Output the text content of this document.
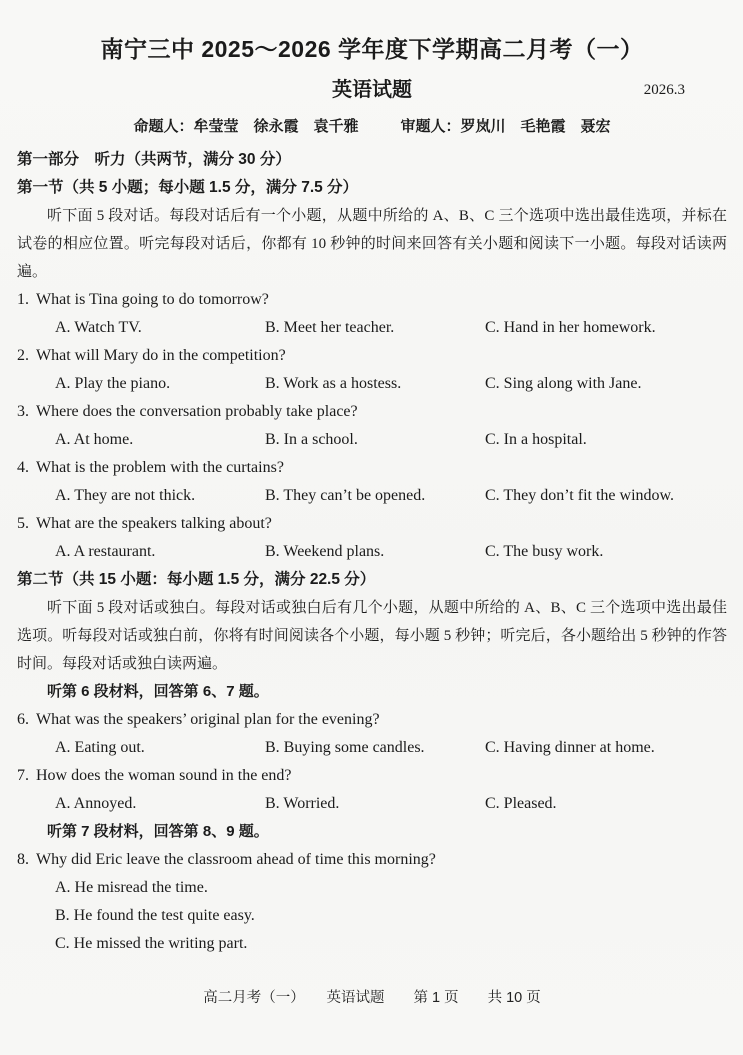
南宁三中 2025～2026 学年度下学期高二月考（一）
英语试题	2026.3
命题人：牟莹莹　徐永霞　袁千雅	审题人：罗岚川　毛艳霞　聂宏
第一部分　听力（共两节，满分 30 分）
第一节（共 5 小题；每小题 1.5 分，满分 7.5 分）

听下面 5 段对话。每段对话后有一个小题，从题中所给的 A、B、C 三个选项中选出最佳选项，并标在试卷的相应位置。听完每段对话后，你都有 10 秒钟的时间来回答有关小题和阅读下一小题。每段对话读两遍。

1. What is Tina going to do tomorrow?
A. Watch TV.	B. Meet her teacher.	C. Hand in her homework.
2. What will Mary do in the competition?
A. Play the piano.	B. Work as a hostess.	C. Sing along with Jane.
3. Where does the conversation probably take place?
A. At home.	B. In a school.	C. In a hospital.
4. What is the problem with the curtains?
A. They are not thick.	B. They can’t be opened.	C. They don’t fit the window.
5. What are the speakers talking about?
A. A restaurant.	B. Weekend plans.	C. The busy work.
第二节（共 15 小题：每小题 1.5 分，满分 22.5 分）

听下面 5 段对话或独白。每段对话或独白后有几个小题，从题中所给的 A、B、C 三个选项中选出最佳选项。听每段对话或独白前，你将有时间阅读各个小题，每小题 5 秒钟；听完后，各小题给出 5 秒钟的作答时间。每段对话或独白读两遍。

听第 6 段材料，回答第 6、7 题。
6. What was the speakers’ original plan for the evening?
A. Eating out.	B. Buying some candles.	C. Having dinner at home.
7. How does the woman sound in the end?
A. Annoyed.	B. Worried.	C. Pleased.
听第 7 段材料，回答第 8、9 题。
8. Why did Eric leave the classroom ahead of time this morning?
A. He misread the time.
B. He found the test quite easy.
C. He missed the writing part.
高二月考（一）　　英语试题　　第 1 页　　共 10 页
